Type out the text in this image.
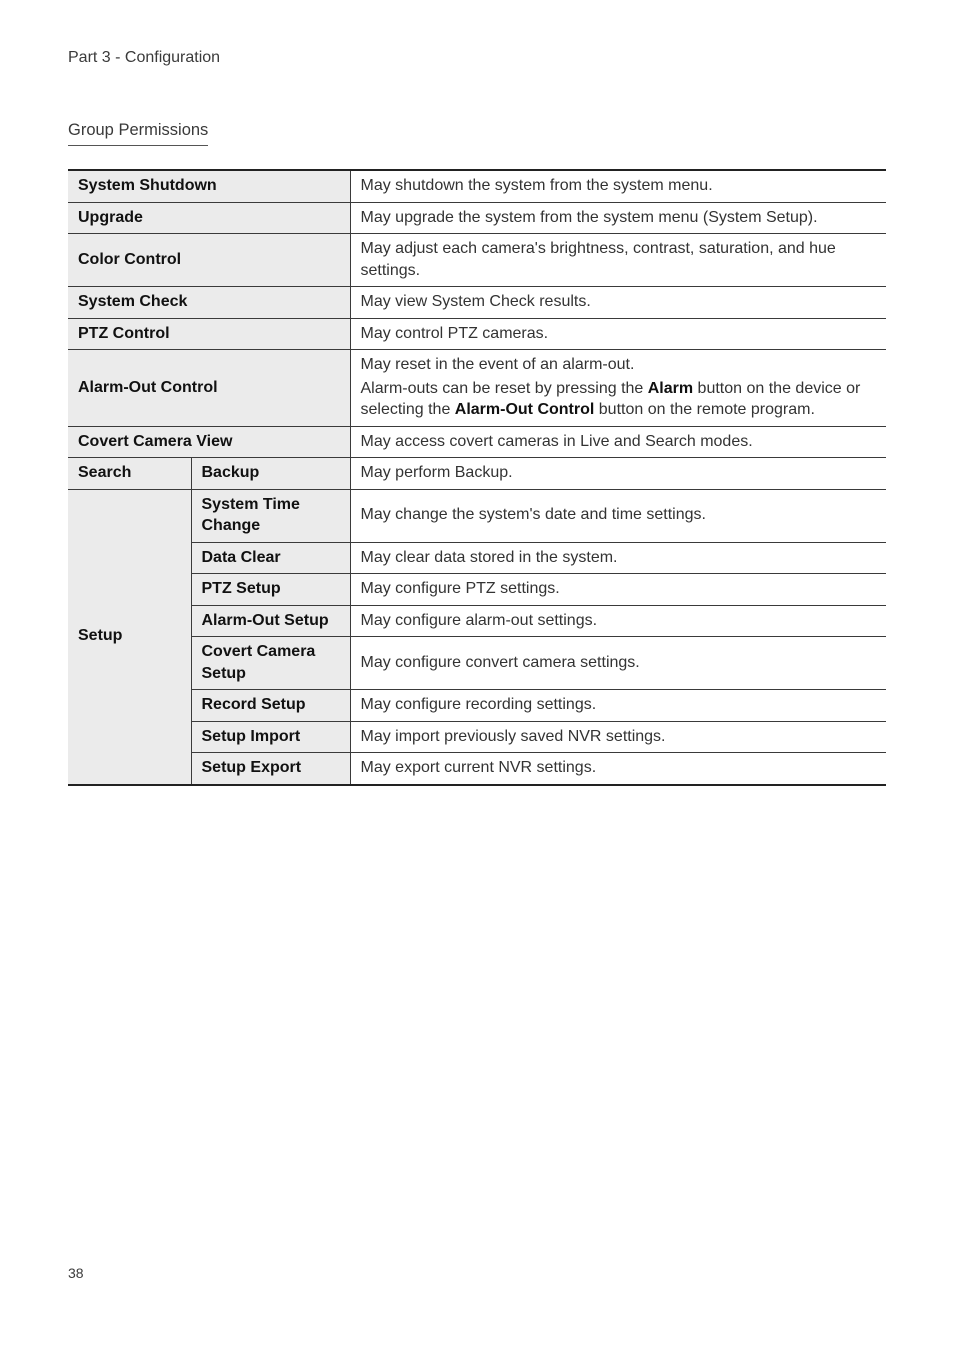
Part 3 - Configuration
Group Permissions
System Shutdown		May shutdown the system from the system menu.
Upgrade		May upgrade the system from the system menu (System Setup).
Color Control		May adjust each camera's brightness, contrast, saturation, and hue settings.
System Check		May view System Check results.
PTZ Control		May control PTZ cameras.
Alarm-Out Control		May reset in the event of an alarm-out.

Alarm-outs can be reset by pressing the Alarm button on the device or selecting the Alarm-Out Control button on the remote program.

Covert Camera View		May access covert cameras in Live and Search modes.
Search	Backup	May perform Backup.
Setup	System Time Change	May change the system's date and time settings.
	Data Clear	May clear data stored in the system.
	PTZ Setup	May configure PTZ settings.
	Alarm-Out Setup	May configure alarm-out settings.
	Covert Camera Setup	May configure convert camera settings.
	Record Setup	May configure recording settings.
	Setup Import	May import previously saved NVR settings.
	Setup Export	May export current NVR settings.
38
